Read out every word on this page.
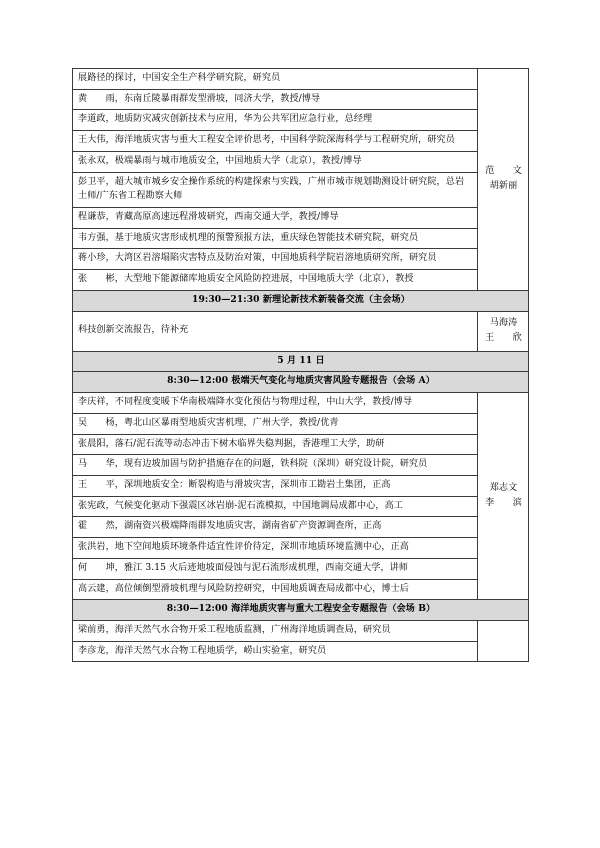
展路径的探讨，中国安全生产科学研究院，研究员	范　　文
胡新丽

黄　　雨，东南丘陵暴雨群发型滑坡，同济大学，教授/博导	
李道政，地质防灾减灾创新技术与应用，华为公共军团应急行业，总经理	
王大伟，海洋地质灾害与重大工程安全评价思考，中国科学院深海科学与工程研究所，研究员	
张永双，极端暴雨与城市地质安全，中国地质大学（北京），教授/博导	
彭卫平，超大城市城乡安全操作系统的构建探索与实践，广州市城市规划勘测设计研究院，总岩土师/广东省工程勘察大师	
程谦恭，青藏高原高速远程滑坡研究，西南交通大学，教授/博导	
韦方强，基于地质灾害形成机理的预警预报方法，重庆绿色智能技术研究院，研究员	
蒋小珍，大湾区岩溶塌陷灾害特点及防治对策，中国地质科学院岩溶地质研究所，研究员	
张　　彬，大型地下能源储库地质安全风险防控进展，中国地质大学（北京），教授	
19:30—21:30 新理论新技术新装备交流（主会场）	
科技创新交流报告，待补充	马海涛
王　　欣

5 月 11 日	
8:30—12:00 极端天气变化与地质灾害风险专题报告（会场 A）	
李庆祥，不同程度变暖下华南极端降水变化预估与物理过程，中山大学，教授/博导	郑志文
李　　滨

吴　　杨，粤北山区暴雨型地质灾害机理，广州大学，教授/优青	
张晨阳，落石/泥石流等动态冲击下树木临界失稳判据，香港理工大学，助研	
马　　华，现有边坡加固与防护措施存在的问题，铁科院（深圳）研究设计院，研究员	
王　　平，深圳地质安全：断裂构造与滑坡灾害，深圳市工勘岩土集团，正高	
张宪政，气候变化驱动下强震区冰岩崩-泥石流模拟，中国地调局成都中心，高工	
霍　　然，湖南资兴极端降雨群发地质灾害，湖南省矿产资源调查所，正高	
张洪岩，地下空间地质环境条件适宜性评价待定，深圳市地质环境监测中心，正高	
何　　坤，雅江 3.15 火后迹地坡面侵蚀与泥石流形成机理，西南交通大学，讲师	
高云建，高位倾倒型滑坡机理与风险防控研究，中国地质调查局成都中心，博士后	
8:30—12:00 海洋地质灾害与重大工程安全专题报告（会场 B）	
梁前勇，海洋天然气水合物开采工程地质监测，广州海洋地质调查局，研究员	
李彦龙，海洋天然气水合物工程地质学，崂山实验室，研究员	
